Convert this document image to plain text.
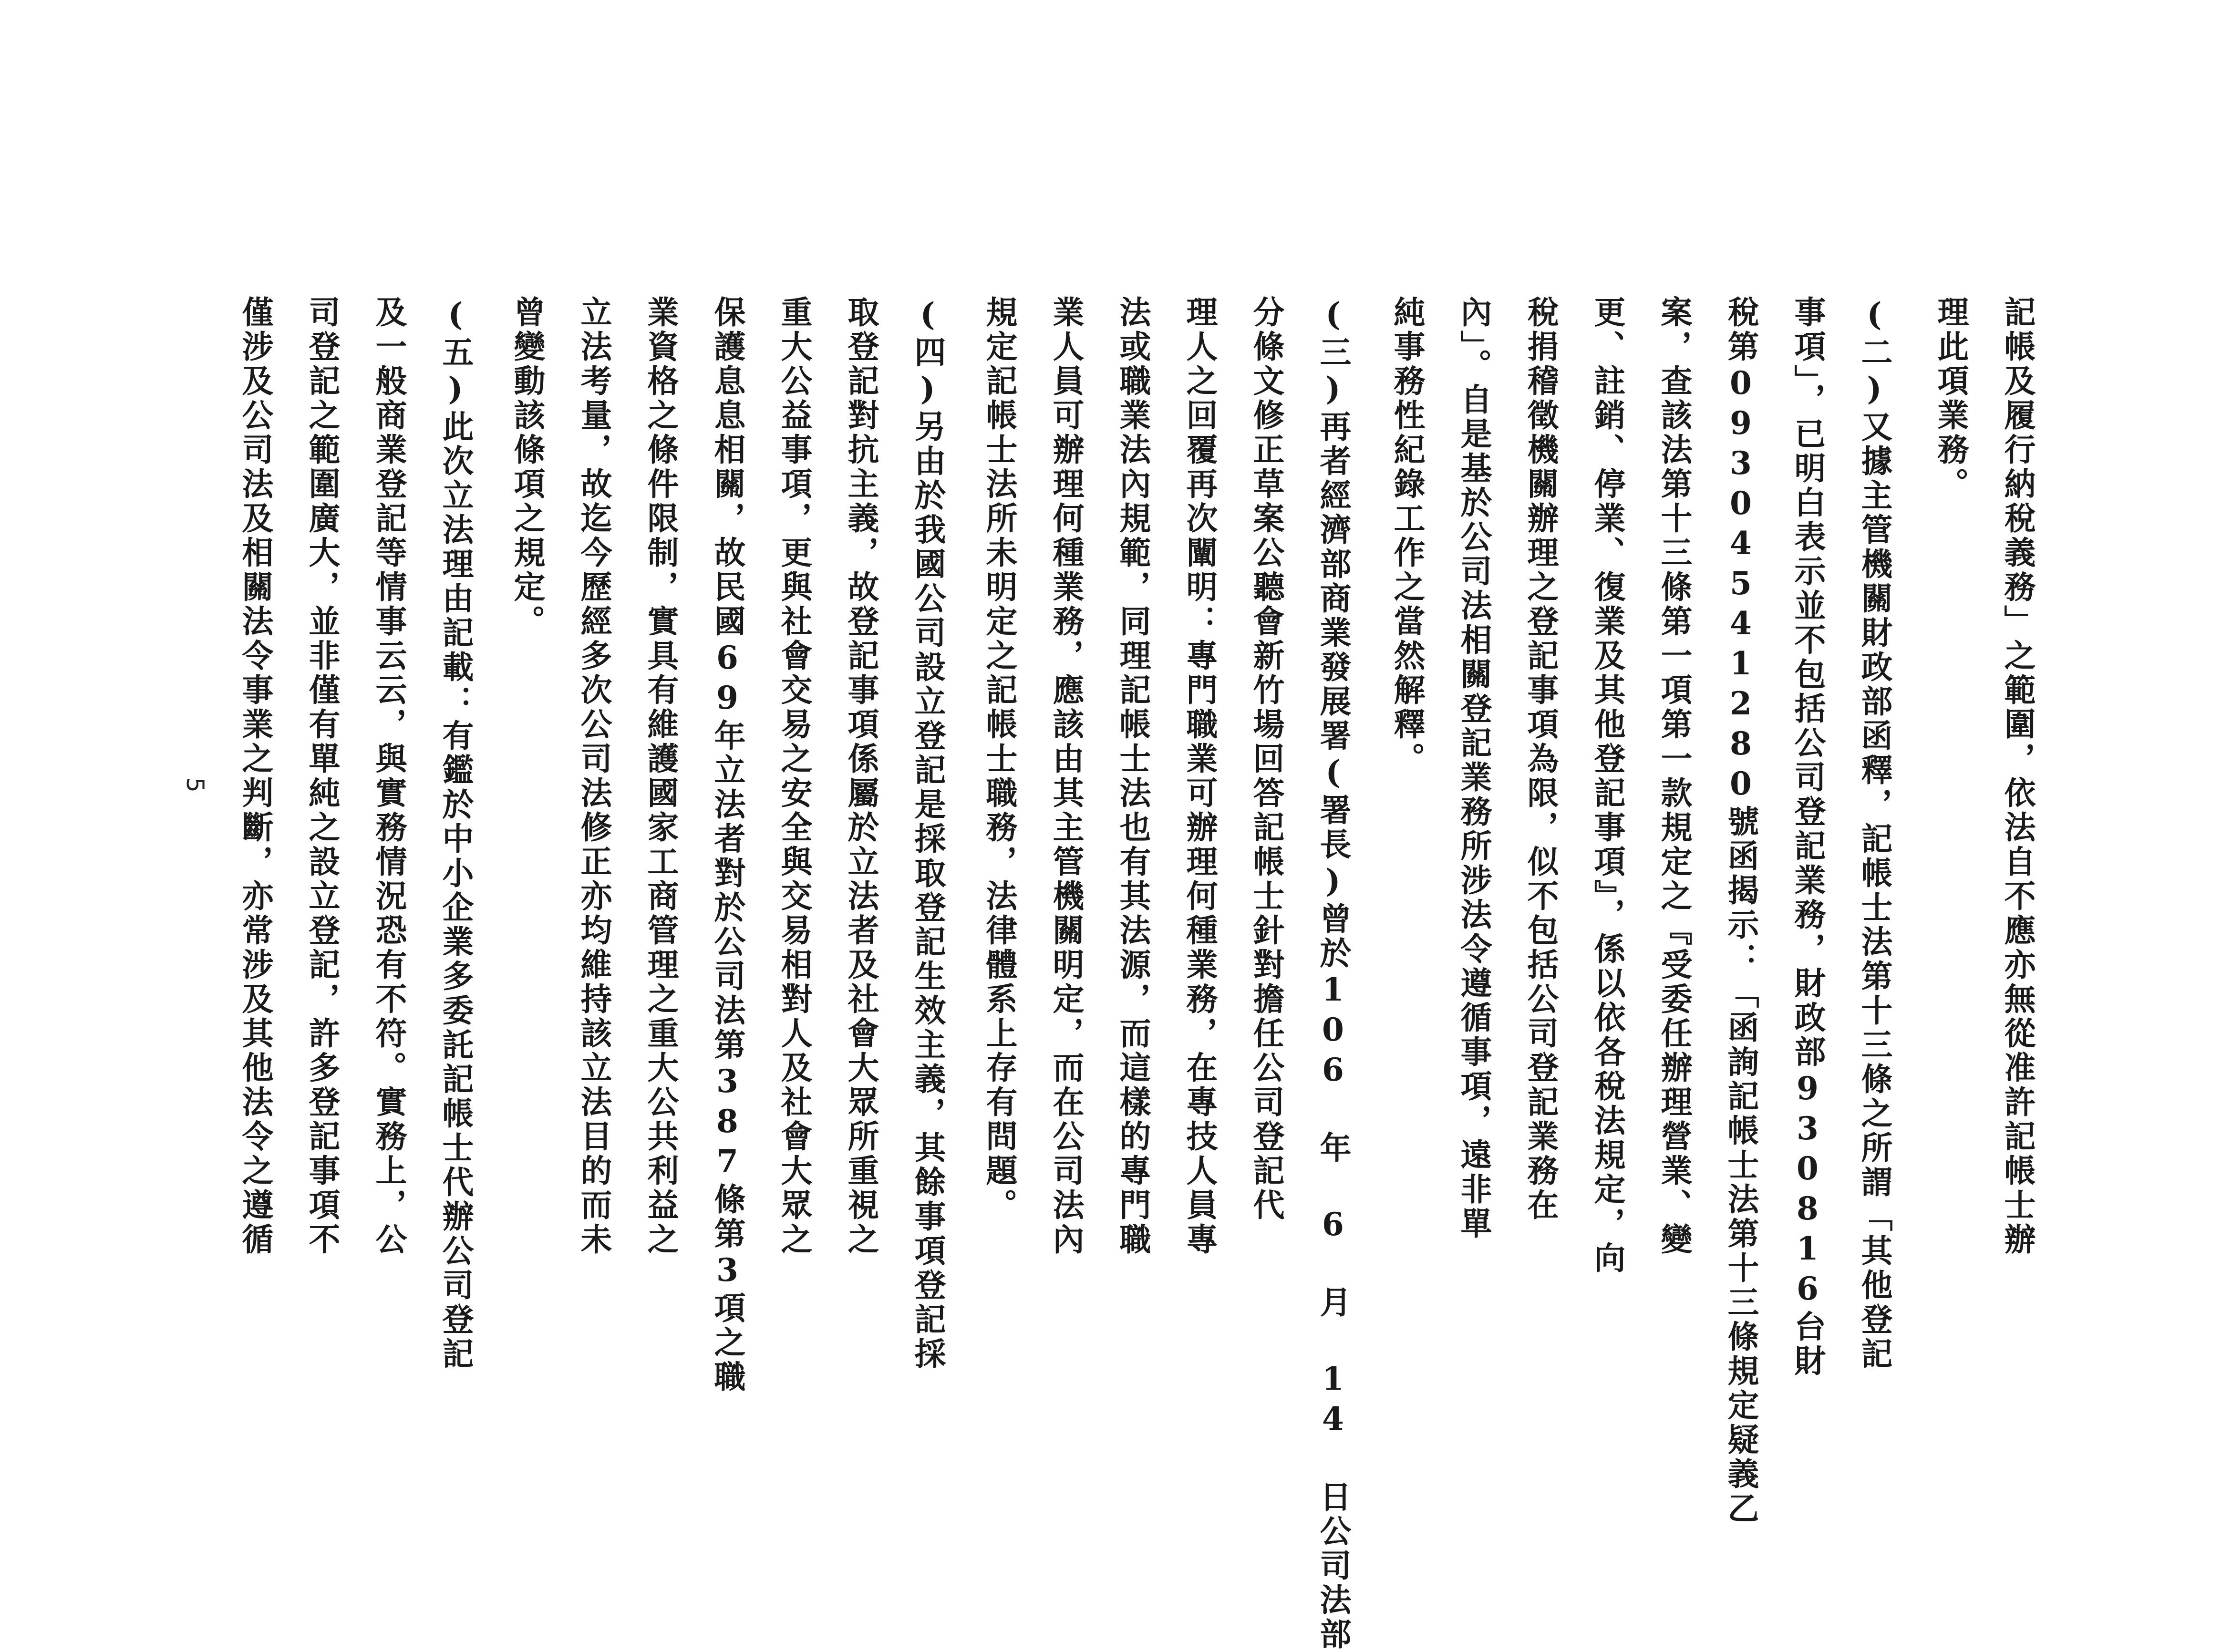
記帳及履行納稅義務」之範圍，依法自不應亦無從准許記帳士辦
理此項業務。
(二)又據主管機關財政部函釋，記帳士法第十三條之所謂「其他登記
事項」，已明白表示並不包括公司登記業務，財政部930816台財
稅第09304541280號函揭示：「函詢記帳士法第十三條規定疑義乙
案，查該法第十三條第一項第一款規定之『受委任辦理營業、變
更、註銷、停業、復業及其他登記事項』，係以依各稅法規定，向
稅捐稽徵機關辦理之登記事項為限，似不包括公司登記業務在
內」。自是基於公司法相關登記業務所涉法令遵循事項，遠非單
純事務性紀錄工作之當然解釋。
(三)再者經濟部商業發展署(署長)曾於106 年 6 月 14 日公司法部
分條文修正草案公聽會新竹場回答記帳士針對擔任公司登記代
理人之回覆再次闡明：專門職業可辦理何種業務，在專技人員專
法或職業法內規範，同理記帳士法也有其法源，而這樣的專門職
業人員可辦理何種業務，應該由其主管機關明定，而在公司法內
規定記帳士法所未明定之記帳士職務，法律體系上存有問題。
(四)另由於我國公司設立登記是採取登記生效主義，其餘事項登記採
取登記對抗主義，故登記事項係屬於立法者及社會大眾所重視之
重大公益事項，更與社會交易之安全與交易相對人及社會大眾之
保護息息相關，故民國69年立法者對於公司法第387條第3項之職
業資格之條件限制，實具有維護國家工商管理之重大公共利益之
立法考量，故迄今歷經多次公司法修正亦均維持該立法目的而未
曾變動該條項之規定。
(五)此次立法理由記載：有鑑於中小企業多委託記帳士代辦公司登記
及一般商業登記等情事云云，與實務情況恐有不符。實務上，公
司登記之範圍廣大，並非僅有單純之設立登記，許多登記事項不
僅涉及公司法及相關法令事業之判斷，亦常涉及其他法令之遵循
5
